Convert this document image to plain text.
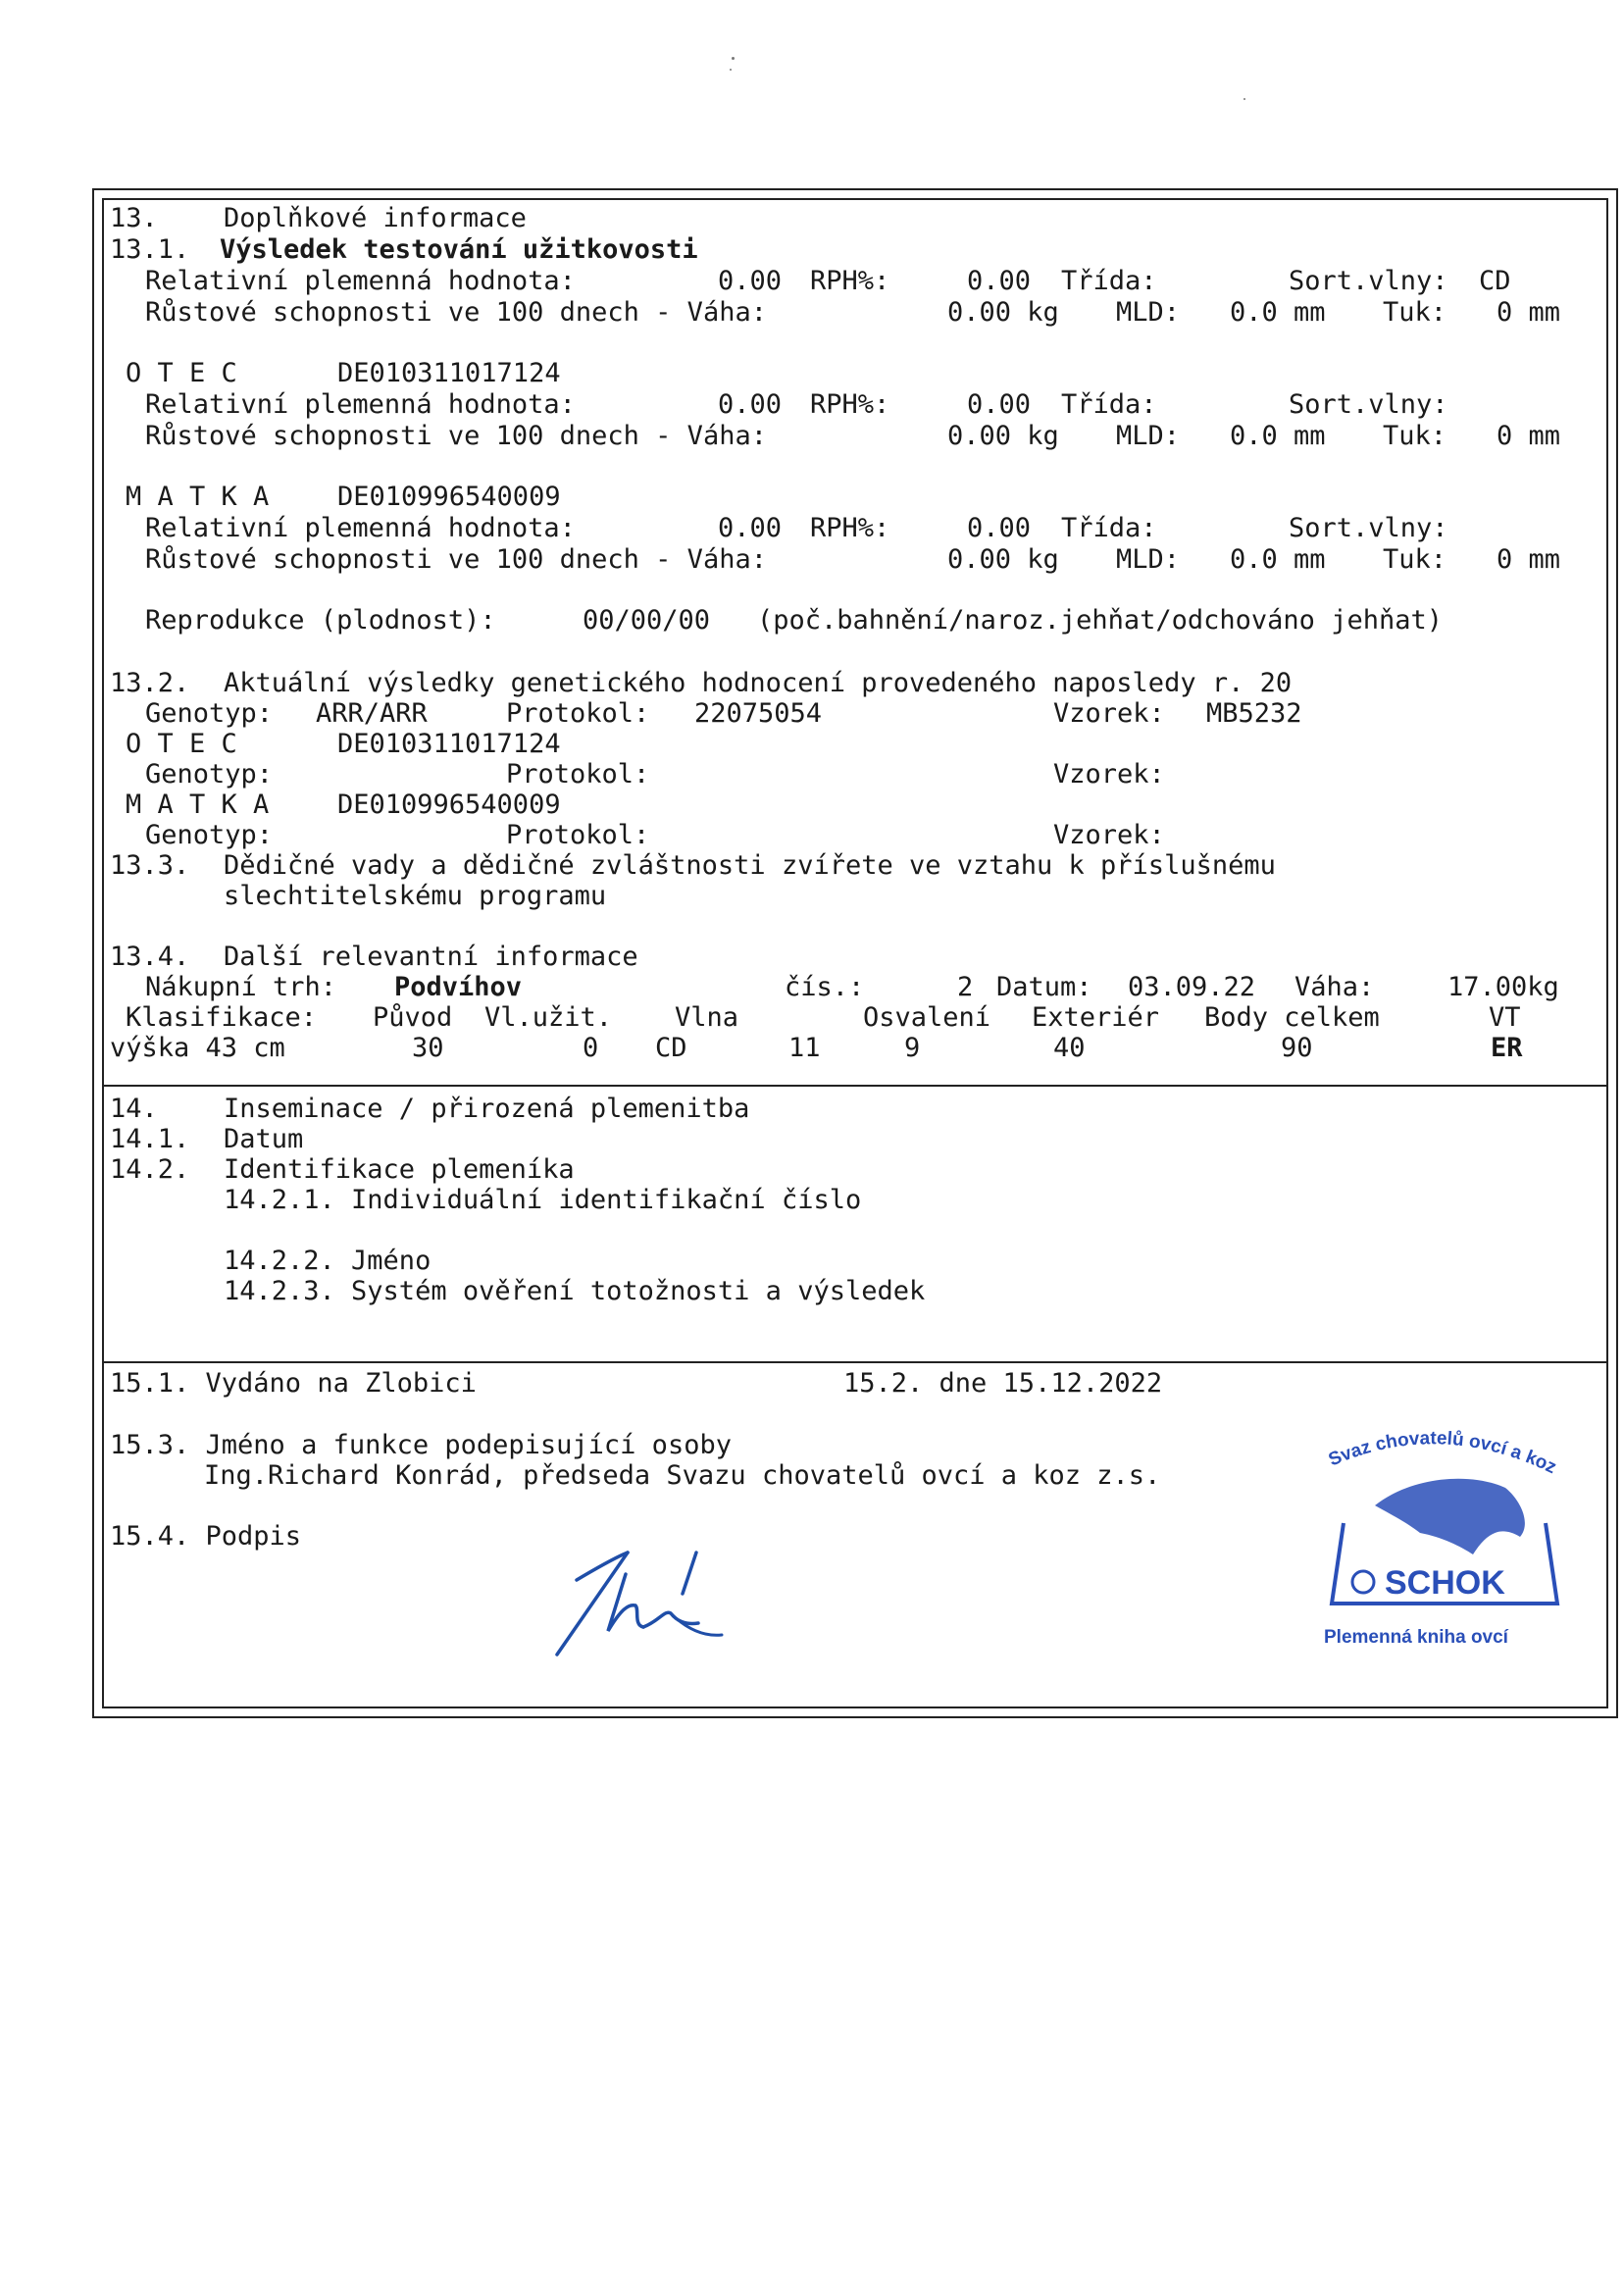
13. Doplňkové informace
13.1. Výsledek testování užitkovosti
Relativní plemenná hodnota:	0.00 RPH%:	0.00 Třída:	Sort.vlny: CD
Růstové schopnosti ve 100 dnech - Váha:	0.00 kg MLD: 0.0 mm Tuk: 0 mm
O T E C	DE010311017124
Relativní plemenná hodnota:	0.00 RPH%:	0.00 Třída:	Sort.vlny:
Růstové schopnosti ve 100 dnech - Váha:	0.00 kg MLD: 0.0 mm Tuk: 0 mm
M A T K A	DE010996540009
Relativní plemenná hodnota:	0.00 RPH%:	0.00 Třída:	Sort.vlny:
Růstové schopnosti ve 100 dnech - Váha:	0.00 kg MLD: 0.0 mm Tuk: 0 mm
Reprodukce (plodnost):	00/00/00 (poč.bahnění/naroz.jehňat/odchováno jehňat)
13.2. Aktuální výsledky genetického hodnocení provedeného naposledy r. 20
Genotyp: ARR/ARR	Protokol: 22075054	Vzorek: MB5232
O T E C	DE010311017124
Genotyp:	Protokol:	Vzorek:
M A T K A	DE010996540009
Genotyp:	Protokol:	Vzorek:
13.3. Dědičné vady a dědičné zvláštnosti zvířete ve vztahu k příslušnému
slechtitelskému programu
13.4. Další relevantní informace
Nákupní trh: Podvíhov	čís.:	2 Datum: 03.09.22 Váha:	17.00kg
Klasifikace: Původ Vl.užit. Vlna	Osvalení Exteriér Body celkem	VT
výška 43 cm	30	0 CD	11	9	40	90	ER
14. Inseminace / přirozená plemenitba
14.1. Datum
14.2. Identifikace plemeníka
14.2.1. Individuální identifikační číslo
14.2.2. Jméno
14.2.3. Systém ověření totožnosti a výsledek
15.1. Vydáno na Zlobici	15.2. dne 15.12.2022
15.3. Jméno a funkce podepisující osoby
Ing.Richard Konrád, předseda Svazu chovatelů ovcí a koz z.s.
15.4. Podpis
Svaz chovatelů ovcí a koz
SCHOK
Plemenná kniha ovcí
